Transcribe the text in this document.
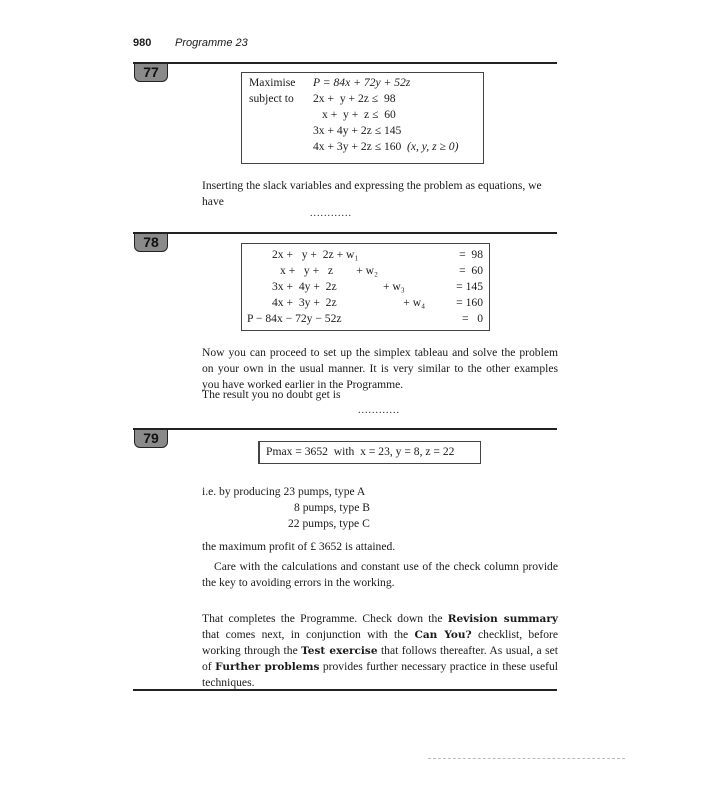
980 Programme 23
77
Maximise
subject to
P = 84x + 72y + 52z
2x +  y + 2z ≤  98
x +  y +  z ≤  60
3x + 4y + 2z ≤ 145
4x + 3y + 2z ≤ 160 (x, y, z ≥ 0)
Inserting the slack variables and expressing the problem as equations, we have
............
78
2x +   y +  2z + w₁
x +   y +   z        + w₂
3x +  4y +  2z                + w₃
4x +  3y +  2z                       + w₄
P − 84x − 72y − 52z
=  98
=  60
= 145
= 160
=   0
Now you can proceed to set up the simplex tableau and solve the problem on your own in the usual manner. It is very similar to the other examples you have worked earlier in the Programme.
The result you no doubt get is
............
79
Pmax = 3652  with  x = 23, y = 8, z = 22
i.e. by producing 23 pumps, type A
8 pumps, type B
22 pumps, type C
the maximum profit of £ 3652 is attained.
Care with the calculations and constant use of the check column provide the key to avoiding errors in the working.
That completes the Programme. Check down the Revision summary that comes next, in conjunction with the Can You? checklist, before working through the Test exercise that follows thereafter. As usual, a set of Further problems provides further necessary practice in these useful techniques.
